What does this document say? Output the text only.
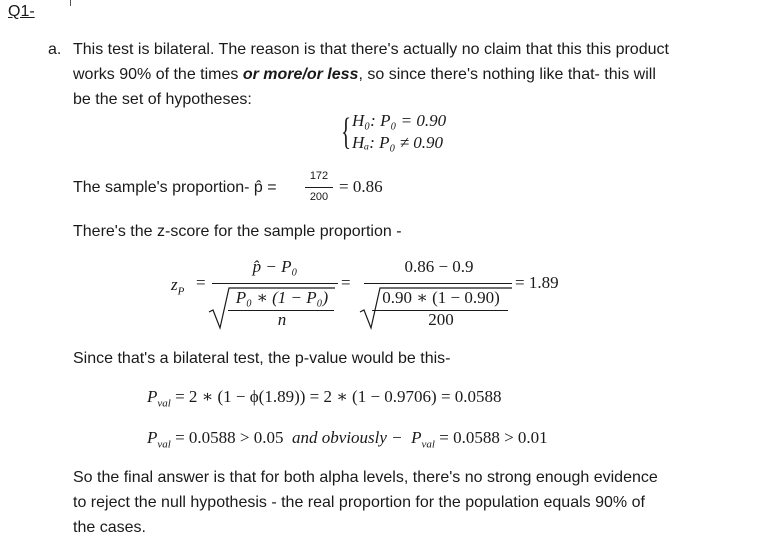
Q1-
a. This test is bilateral. The reason is that there's actually no claim that this this product
works 90% of the times or more/or less, so since there's nothing like that- this will
be the set of hypotheses:
{ H₀: P₀ = 0.90
Hₐ: P₀ ≠ 0.90
The sample's proportion- p̂ =
172
200
= 0.86
There's the z-score for the sample proportion -
$z_P$ =
p̂ − P₀
P₀ ∗ (1 − P₀)
n
=
0.86 − 0.9
0.90 ∗ (1 − 0.90)
200
= 1.89
Since that's a bilateral test, the p-value would be this-
$P_{val} = 2$ ∗ (1 − ϕ(1.89)) = 2 ∗ (1 − 0.9706) = 0.0588
$P_{val} = 0.0588 > 0.05$ and obviously − $P_{val} = 0.0588 > 0.01$
So the final answer is that for both alpha levels, there's no strong enough evidence
to reject the null hypothesis - the real proportion for the population equals 90% of
the cases.
